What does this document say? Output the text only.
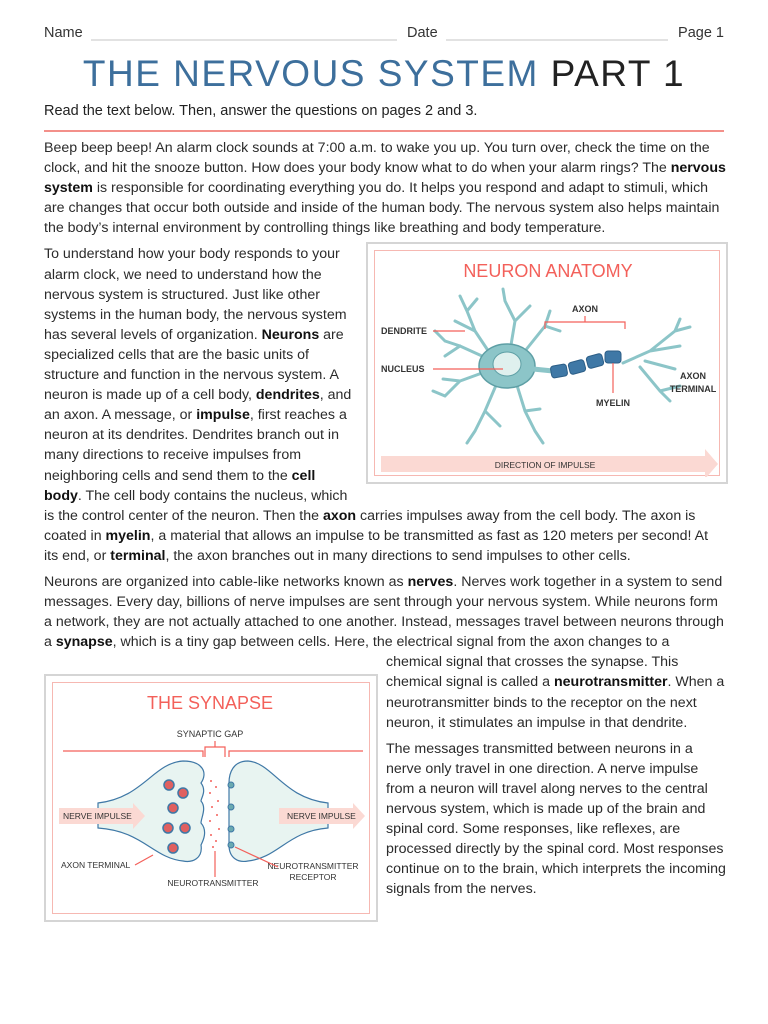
Name	Date	Page 1
THE NERVOUS SYSTEM PART 1
Read the text below. Then, answer the questions on pages 2 and 3.

Beep beep beep! An alarm clock sounds at 7:00 a.m. to wake you up. You turn over, check the time on the clock, and hit the snooze button. How does your body know what to do when your alarm rings? The nervous system is responsible for coordinating everything you do. It helps you respond and adapt to stimuli, which are changes that occur both outside and inside of the human body. The nervous system also helps maintain the body’s internal environment by controlling things like breathing and body temperature.

NEURON ANATOMY
DENDRITE
NUCLEUS
AXON
MYELIN
AXON
TERMINAL
DIRECTION OF IMPULSE

To understand how your body responds to your alarm clock, we need to understand how the nervous system is structured. Just like other systems in the human body, the nervous system has several levels of organization. Neurons are specialized cells that are the basic units of structure and function in the nervous system. A neuron is made up of a cell body, dendrites, and an axon. A message, or impulse, first reaches a neuron at its dendrites. Dendrites branch out in many directions to receive impulses from neighboring cells and send them to the cell body. The cell body contains the nucleus, which is the control center of the neuron. Then the axon carries impulses away from the cell body. The axon is coated in myelin, a material that allows an impulse to be transmitted as fast as 120 meters per second! At its end, or terminal, the axon branches out in many directions to send impulses to other cells.

THE SYNAPSE
SYNAPTIC GAP
NERVE IMPULSE	NERVE IMPULSE
AXON TERMINAL
NEUROTRANSMITTER
NEUROTRANSMITTER
RECEPTOR

Neurons are organized into cable-like networks known as nerves. Nerves work together in a system to send messages. Every day, billions of nerve impulses are sent through your nervous system. While neurons form a network, they are not actually attached to one another. Instead, messages travel between neurons through a synapse, which is a tiny gap between cells. Here, the electrical signal from the axon changes to a chemical signal that crosses the synapse. This chemical signal is called a neurotransmitter. When a neurotransmitter binds to the receptor on the next neuron, it stimulates an impulse in that dendrite.

The messages transmitted between neurons in a nerve only travel in one direction. A nerve impulse from a neuron will travel along nerves to the central nervous system, which is made up of the brain and spinal cord. Some responses, like reflexes, are processed directly by the spinal cord. Most responses continue on to the brain, which interprets the incoming signals from the nerves.
